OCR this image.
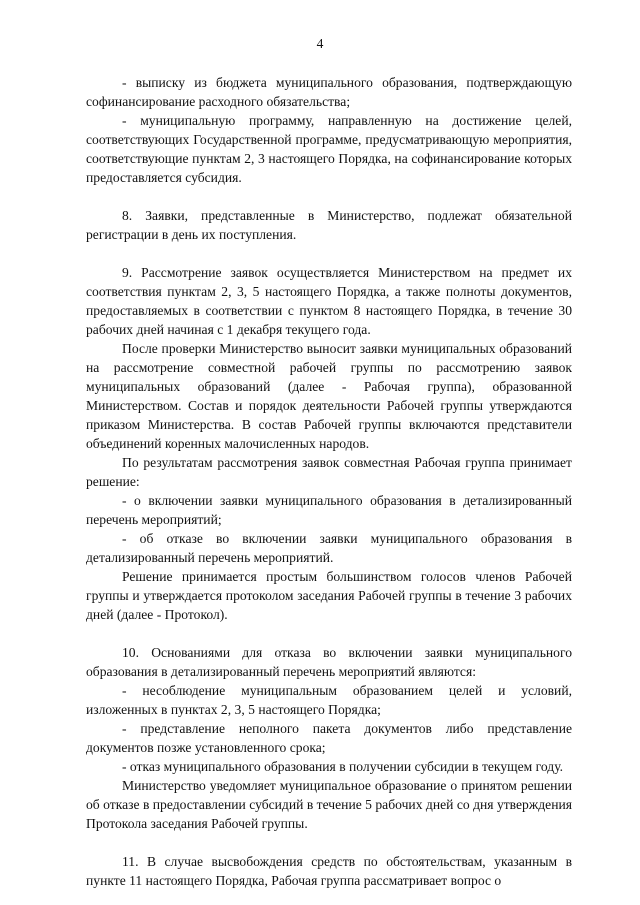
4

- выписку из бюджета муниципального образования, подтверждающую софинансирование расходного обязательства;

- муниципальную программу, направленную на достижение целей, соответствующих Государственной программе, предусматривающую мероприятия, соответствующие пунктам 2, 3 настоящего Порядка, на софинансирование которых предоставляется субсидия.

8. Заявки, представленные в Министерство, подлежат обязательной регистрации в день их поступления.

9. Рассмотрение заявок осуществляется Министерством на предмет их соответствия пунктам 2, 3, 5 настоящего Порядка, а также полноты документов, предоставляемых в соответствии с пунктом 8 настоящего Порядка, в течение 30 рабочих дней начиная с 1 декабря текущего года.

После проверки Министерство выносит заявки муниципальных образований на рассмотрение совместной рабочей группы по рассмотрению заявок муниципальных образований (далее - Рабочая группа), образованной Министерством. Состав и порядок деятельности Рабочей группы утверждаются приказом Министерства. В состав Рабочей группы включаются представители объединений коренных малочисленных народов.

По результатам рассмотрения заявок совместная Рабочая группа принимает решение:

- о включении заявки муниципального образования в детализированный перечень мероприятий;

- об отказе во включении заявки муниципального образования в детализированный перечень мероприятий.

Решение принимается простым большинством голосов членов Рабочей группы и утверждается протоколом заседания Рабочей группы в течение 3 рабочих дней (далее - Протокол).

10. Основаниями для отказа во включении заявки муниципального образования в детализированный перечень мероприятий являются:

- несоблюдение муниципальным образованием целей и условий, изложенных в пунктах 2, 3, 5 настоящего Порядка;

- представление неполного пакета документов либо представление документов позже установленного срока;

- отказ муниципального образования в получении субсидии в текущем году.

Министерство уведомляет муниципальное образование о принятом решении об отказе в предоставлении субсидий в течение 5 рабочих дней со дня утверждения Протокола заседания Рабочей группы.

11. В случае высвобождения средств по обстоятельствам, указанным в пункте 11 настоящего Порядка, Рабочая группа рассматривает вопрос о
